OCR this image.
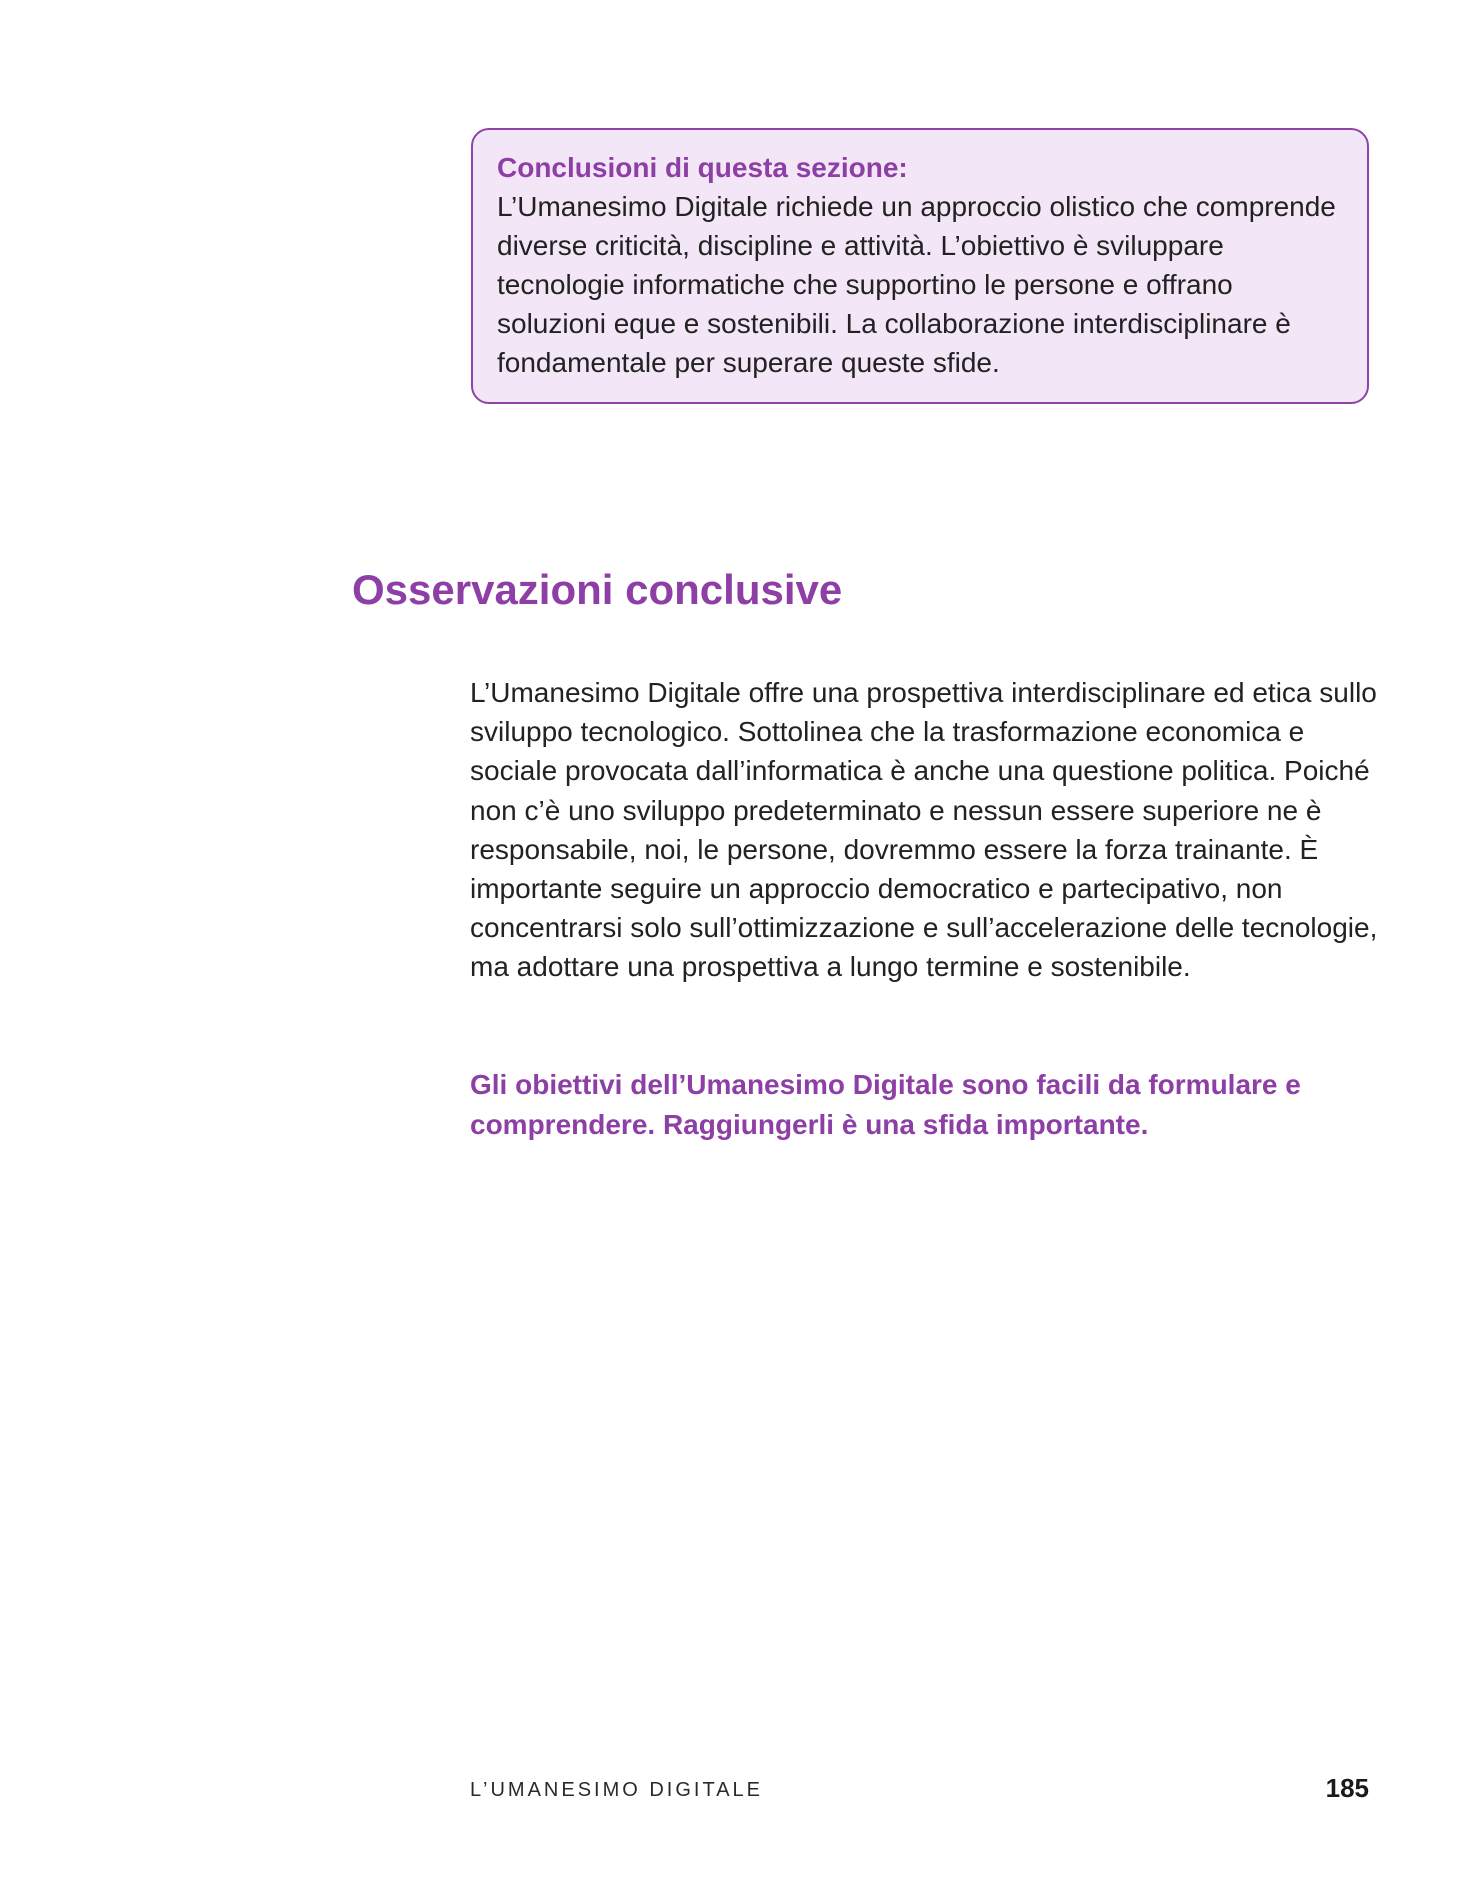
Conclusioni di questa sezione:

L’Umanesimo Digitale richiede un approccio olistico che comprende diverse criticità, discipline e attività. L’obiettivo è sviluppare tecnologie informatiche che supportino le persone e offrano soluzioni eque e sostenibili. La collaborazione interdisciplinare è fondamentale per superare queste sfide.

Osservazioni conclusive

L’Umanesimo Digitale offre una prospettiva interdisciplinare ed etica sullo sviluppo tecnologico. Sottolinea che la trasformazione economica e sociale provocata dall’informatica è anche una questione politica. Poiché non c’è uno sviluppo predeterminato e nessun essere superiore ne è responsabile, noi, le persone, dovremmo essere la forza trainante. È importante seguire un approccio democratico e partecipativo, non concentrarsi solo sull’ottimizzazione e sull’accelerazione delle tecnologie, ma adottare una prospettiva a lungo termine e sostenibile.

Gli obiettivi dell’Umanesimo Digitale sono facili da formulare e comprendere. Raggiungerli è una sfida importante.

L’UMANESIMO DIGITALE	185
